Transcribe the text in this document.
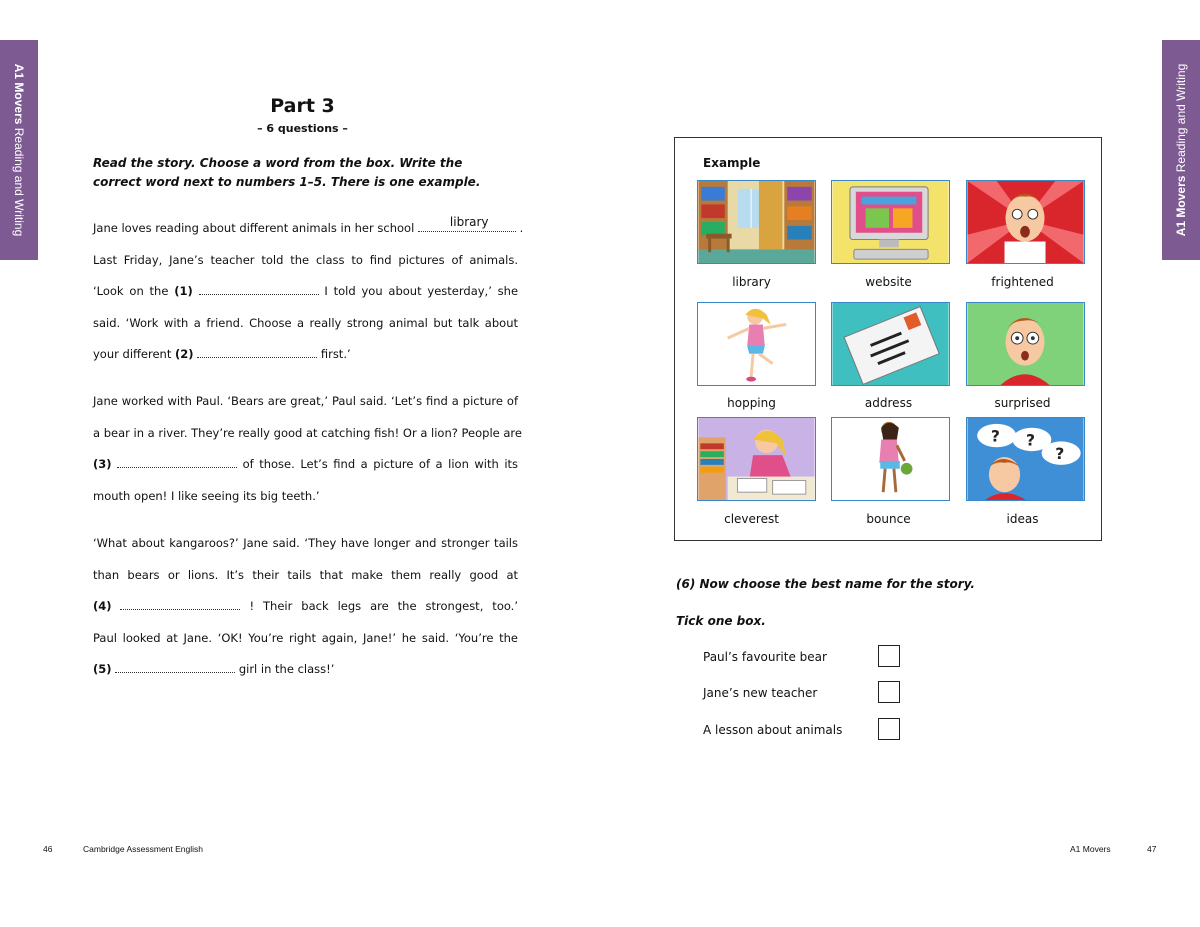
A1 Movers Reading and Writing	A1 Movers Reading and Writing
Part 3
– 6 questions –
Read the story. Choose a word from the box. Write the correct word next to numbers 1–5. There is one example.
Jane loves reading about different animals in her school	library	.
Last Friday, Jane’s teacher told the class to find pictures of animals.
‘Look on the (1)	I told you about yesterday,’ she
said. ‘Work with a friend. Choose a really strong animal but talk about
your different (2)	first.’
Jane worked with Paul. ‘Bears are great,’ Paul said. ‘Let’s find a picture of
a bear in a river. They’re really good at catching fish! Or a lion? People are
(3)	of those. Let’s find a picture of a lion with its
mouth open! I like seeing its big teeth.’
‘What about kangaroos?’ Jane said. ‘They have longer and stronger tails
than bears or lions. It’s their tails that make them really good at
(4)	! Their back legs are the strongest, too.’
Paul looked at Jane. ‘OK! You’re right again, Jane!’ he said. ‘You’re the
(5)	girl in the class!’
Example
library	website	frightened
hopping	address	surprised
? ?
?
cleverest	bounce	ideas
(6) Now choose the best name for the story.
Tick one box.
Paul’s favourite bear
Jane’s new teacher
A lesson about animals
46	Cambridge Assessment English	A1 Movers	47
